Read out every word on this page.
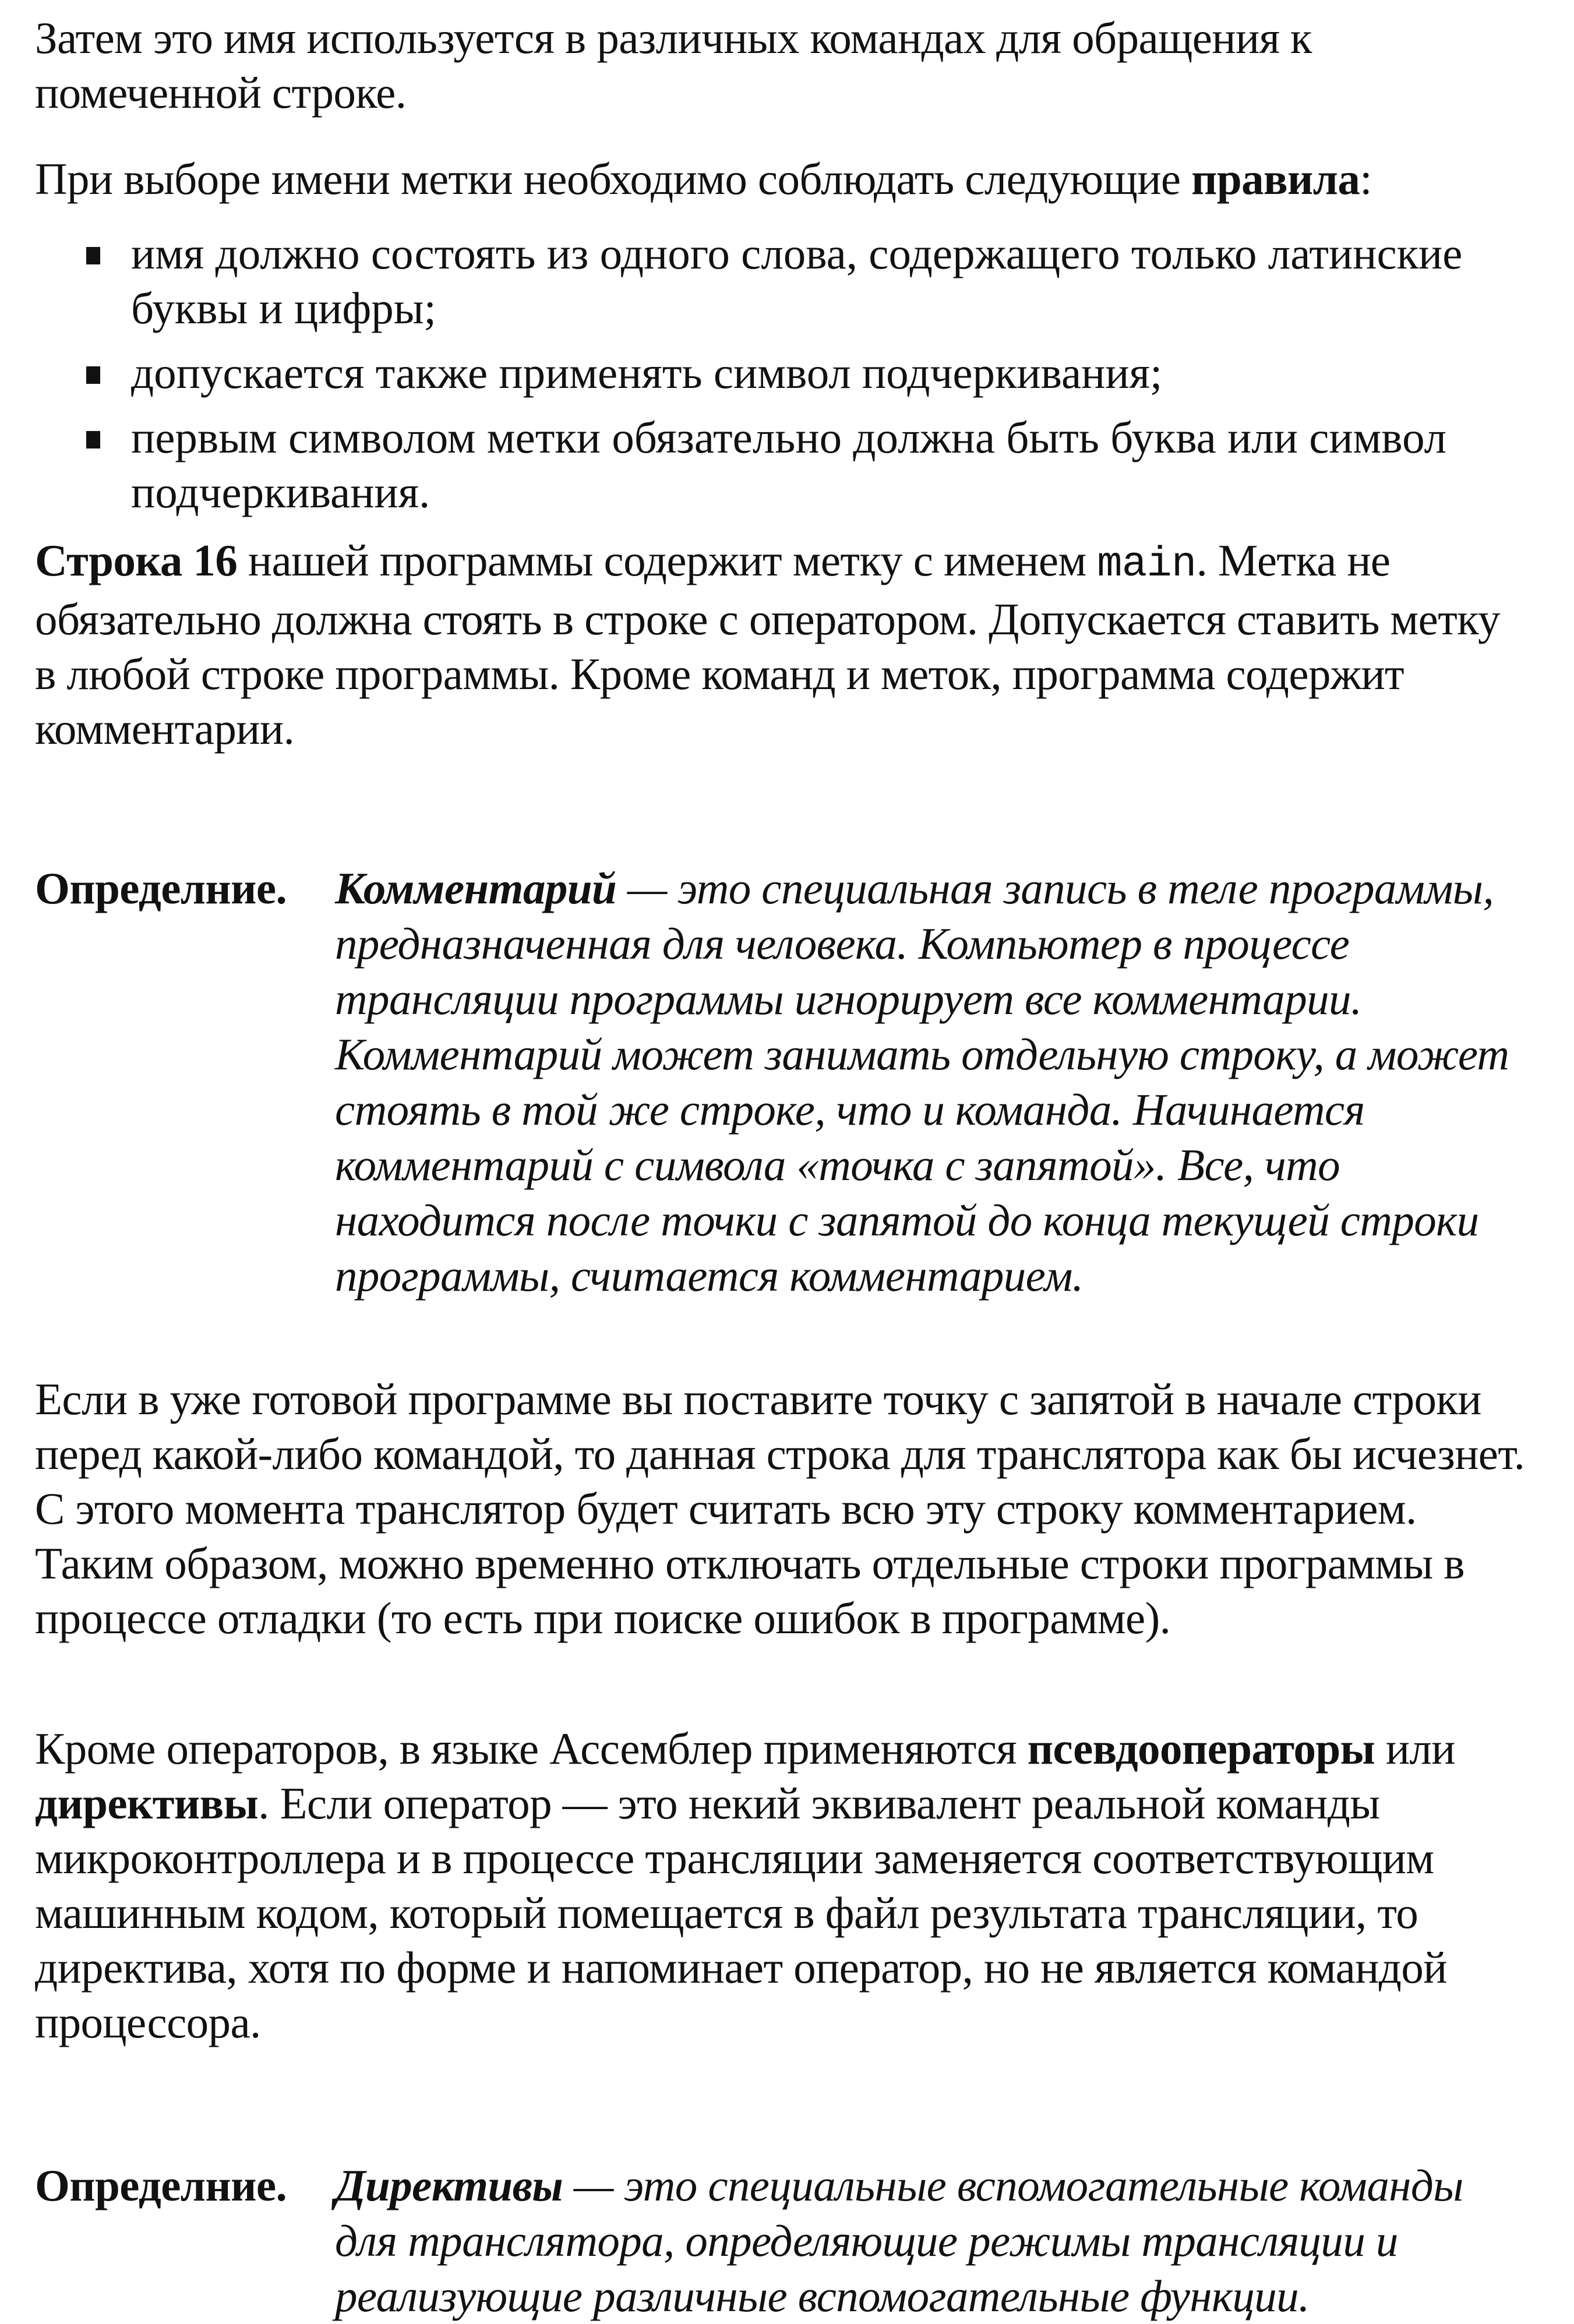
Затем это имя используется в различных командах для обращения к помеченной строке.

При выборе имени метки необходимо соблюдать следующие правила:

имя должно состоять из одного слова, содержащего только латинские буквы и цифры;
допускается также применять символ подчеркивания;
первым символом метки обязательно должна быть буква или символ подчеркивания.

Строка 16 нашей программы содержит метку с именем main. Метка не обязательно должна стоять в строке с оператором. Допускается ставить метку в любой строке программы. Кроме команд и меток, программа содержит комментарии.

Определние. Комментарий — это специальная запись в теле программы, предназначенная для человека. Компьютер в процессе трансляции программы игнорирует все комментарии. Комментарий может занимать отдельную строку, а может стоять в той же строке, что и команда. Начинается комментарий с символа «точка с запятой». Все, что находится после точки с запятой до конца текущей строки программы, считается комментарием.

Если в уже готовой программе вы поставите точку с запятой в начале строки перед какой-либо командой, то данная строка для транслятора как бы исчезнет. С этого момента транслятор будет считать всю эту строку комментарием. Таким образом, можно временно отключать отдельные строки программы в процессе отладки (то есть при поиске ошибок в программе).

Кроме операторов, в языке Ассемблер применяются псевдооператоры или директивы. Если оператор — это некий эквивалент реальной команды микроконтроллера и в процессе трансляции заменяется соответствующим машинным кодом, который помещается в файл результата трансляции, то директива, хотя по форме и напоминает оператор, но не является командой процессора.

Определние. Директивы — это специальные вспомогательные команды для транслятора, определяющие режимы трансляции и реализующие различные вспомогательные функции.
